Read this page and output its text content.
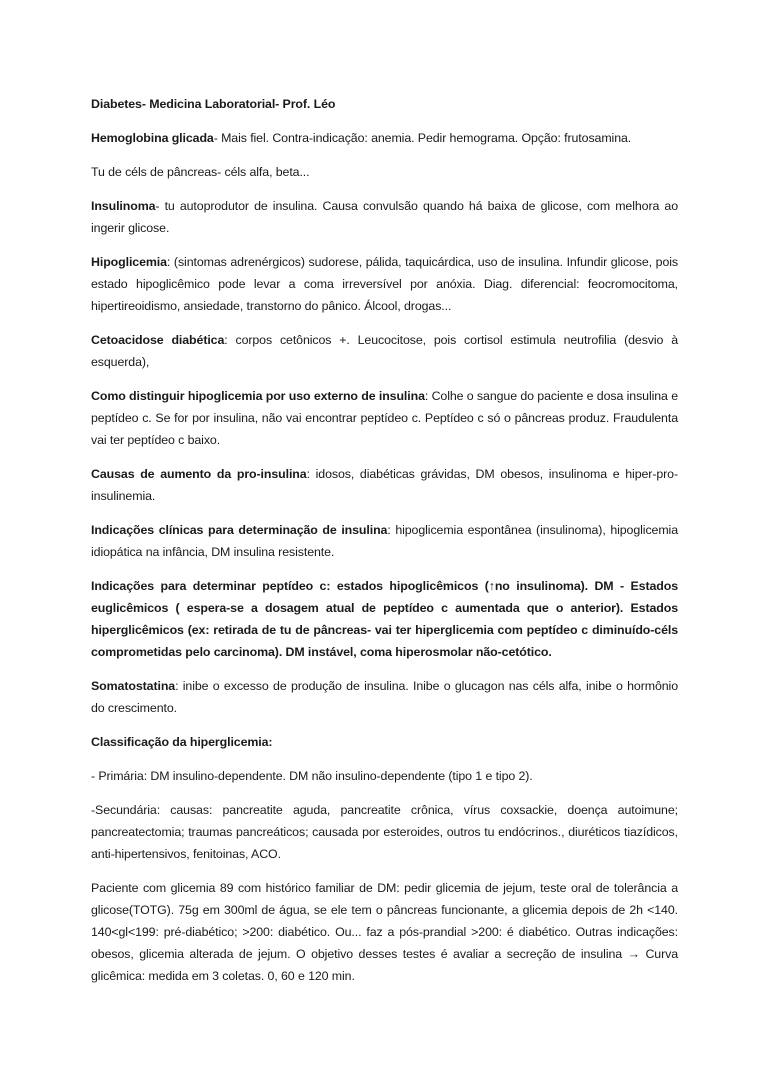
Diabetes- Medicina Laboratorial- Prof. Léo

Hemoglobina glicada- Mais fiel. Contra-indicação: anemia. Pedir hemograma. Opção: frutosamina.

Tu de céls de pâncreas- céls alfa, beta...

Insulinoma- tu autoprodutor de insulina. Causa convulsão quando há baixa de glicose, com melhora ao ingerir glicose.

Hipoglicemia: (sintomas adrenérgicos) sudorese, pálida, taquicárdica, uso de insulina. Infundir glicose, pois estado hipoglicêmico pode levar a coma irreversível por anóxia. Diag. diferencial: feocromocitoma, hipertireoidismo, ansiedade, transtorno do pânico. Álcool, drogas...

Cetoacidose diabética: corpos cetônicos +. Leucocitose, pois cortisol estimula neutrofilia (desvio à esquerda),

Como distinguir hipoglicemia por uso externo de insulina: Colhe o sangue do paciente e dosa insulina e peptídeo c. Se for por insulina, não vai encontrar peptídeo c. Peptídeo c só o pâncreas produz. Fraudulenta vai ter peptídeo c baixo.

Causas de aumento da pro-insulina: idosos, diabéticas grávidas, DM obesos, insulinoma e hiper-pro-insulinemia.

Indicações clínicas para determinação de insulina: hipoglicemia espontânea (insulinoma), hipoglicemia idiopática na infância, DM insulina resistente.

Indicações para determinar peptídeo c: estados hipoglicêmicos (↑no insulinoma). DM - Estados euglicêmicos ( espera-se a dosagem atual de peptídeo c aumentada que o anterior). Estados hiperglicêmicos (ex: retirada de tu de pâncreas- vai ter hiperglicemia com peptídeo c diminuído-céls comprometidas pelo carcinoma). DM instável, coma hiperosmolar não-cetótico.

Somatostatina: inibe o excesso de produção de insulina. Inibe o glucagon nas céls alfa, inibe o hormônio do crescimento.

Classificação da hiperglicemia:

- Primária: DM insulino-dependente. DM não insulino-dependente (tipo 1 e tipo 2).

-Secundária: causas: pancreatite aguda, pancreatite crônica, vírus coxsackie, doença autoimune; pancreatectomia; traumas pancreáticos; causada por esteroides, outros tu endócrinos., diuréticos tiazídicos, anti-hipertensivos, fenitoinas, ACO.

Paciente com glicemia 89 com histórico familiar de DM: pedir glicemia de jejum, teste oral de tolerância a glicose(TOTG). 75g em 300ml de água, se ele tem o pâncreas funcionante, a glicemia depois de 2h <140. 140<gl<199: pré-diabético; >200: diabético. Ou... faz a pós-prandial >200: é diabético. Outras indicações: obesos, glicemia alterada de jejum. O objetivo desses testes é avaliar a secreção de insulina → Curva glicêmica: medida em 3 coletas. 0, 60 e 120 min.
